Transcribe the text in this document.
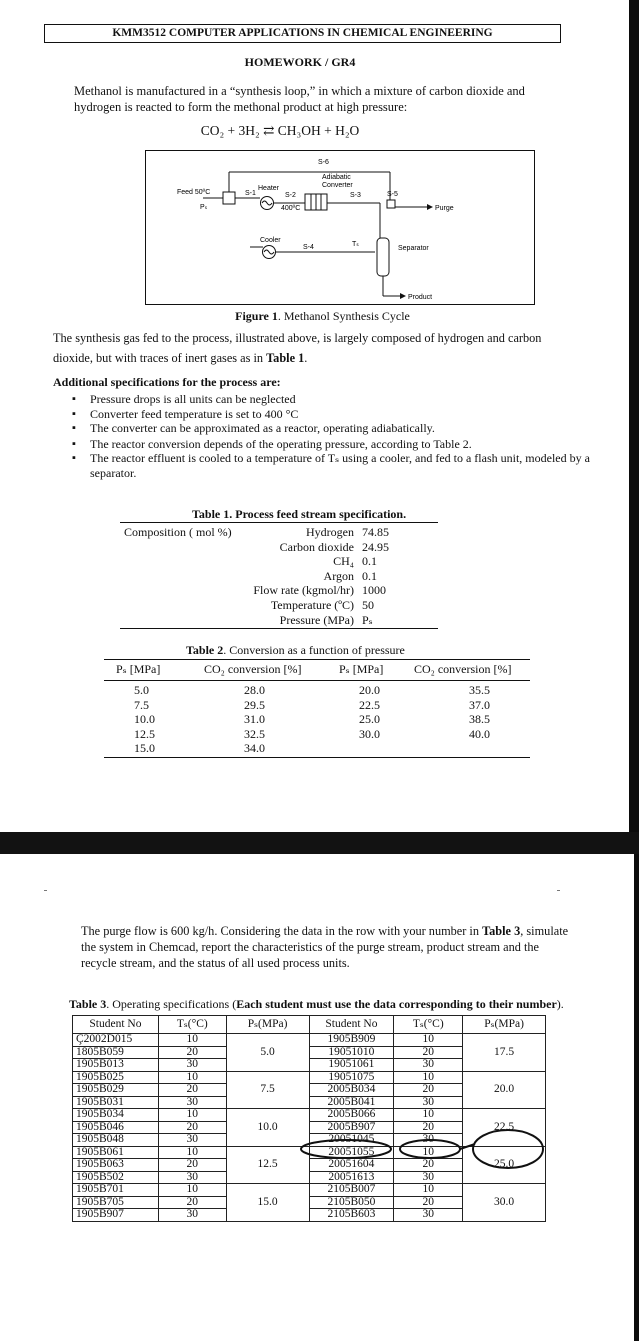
KMM3512 COMPUTER APPLICATIONS IN CHEMICAL ENGINEERING
HOMEWORK / GR4
Methanol is manufactured in a “synthesis loop,” in which a mixture of carbon dioxide and hydrogen is reacted to form the methonal product at high pressure:
CO₂ + 3H₂ ⇄ CH₃OH + H₂O
S-6
Adiabatic
Converter
Heater
Feed 50ºC
Pₛ
S-1	S-2
400ºC
S-3	S-5
Purge
Cooler
S-4	Tₛ
Separator
Product
Figure 1. Methanol Synthesis Cycle
The synthesis gas fed to the process, illustrated above, is largely composed of hydrogen and carbon dioxide, but with traces of inert gases as in Table 1.
Additional specifications for the process are:
▪ Pressure drops is all units can be neglected
▪ Converter feed temperature is set to 400 °C
▪ The converter can be approximated as a reactor, operating adiabatically.
▪ The reactor conversion depends of the operating pressure, according to Table 2.
▪ The reactor effluent is cooled to a temperature of Tₛ using a cooler, and fed to a flash unit, modeled by a separator.
Table 1. Process feed stream specification.
Composition ( mol %)	Hydrogen	74.85
Carbon dioxide	24.95
CH₄	0.1
Argon	0.1
Flow rate (kgmol/hr)	1000
Temperature (ºC)	50
Pressure (MPa)	Pₛ
Table 2. Conversion as a function of pressure
Pₛ [MPa]	CO₂ conversion [%]	Pₛ [MPa]	CO₂ conversion [%]
5.0	28.0	20.0	35.5
7.5	29.5	22.5	37.0
10.0	31.0	25.0	38.5
12.5	32.5	30.0	40.0
15.0	34.0
The purge flow is 600 kg/h. Considering the data in the row with your number in Table 3, simulate the system in Chemcad, report the characteristics of the purge stream, product stream and the recycle stream, and the status of all used process units.
Table 3. Operating specifications (Each student must use the data corresponding to their number).
Student No	Tₛ(°C)	Pₛ(MPa)	Student No	Tₛ(°C)	Pₛ(MPa)
Ç2002D015	10	5.0	1905B909	10	17.5
1805B059	20		19051010	20	
1905B013	30		19051061	30	
1905B025	10	7.5	19051075	10	20.0
1905B029	20		2005B034	20	
1905B031	30		2005B041	30	
1905B034	10	10.0	2005B066	10	22.5
1905B046	20		2005B907	20	
1905B048	30		20051045	30	
1905B061	10	12.5	20051055	10	25.0
1905B063	20		20051604	20	
1905B502	30		20051613	30	
1905B701	10	15.0	2105B007	10	30.0
1905B705	20		2105B050	20	
1905B907	30		2105B603	30	
